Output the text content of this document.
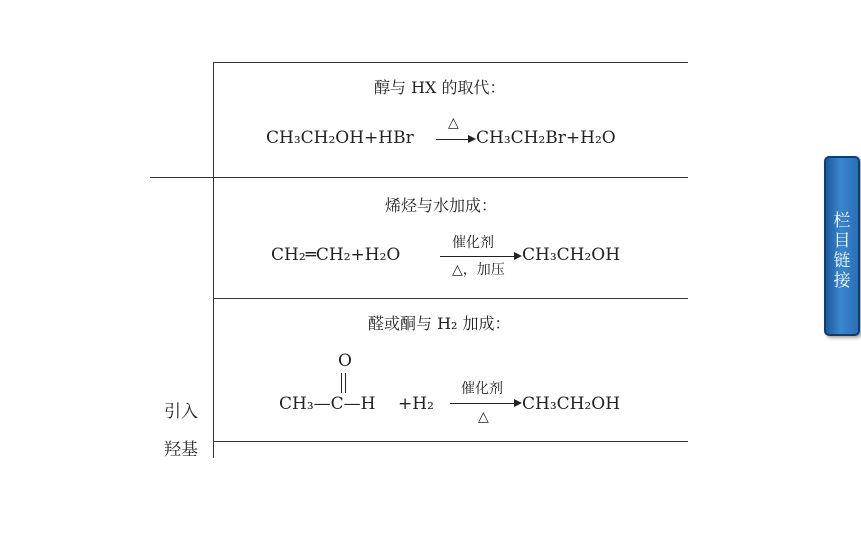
醇与 HX 的取代：
CH₃CH₂OH+HBr
△
CH₃CH₂Br+H₂O
烯烃与水加成：
CH₂═CH₂+H₂O
催化剂
△，加压
CH₃CH₂OH
醛或酮与 H₂ 加成：
O
CH₃—C—H +H₂
催化剂
△
CH₃CH₂OH
引入
羟基
栏
目
链
接
